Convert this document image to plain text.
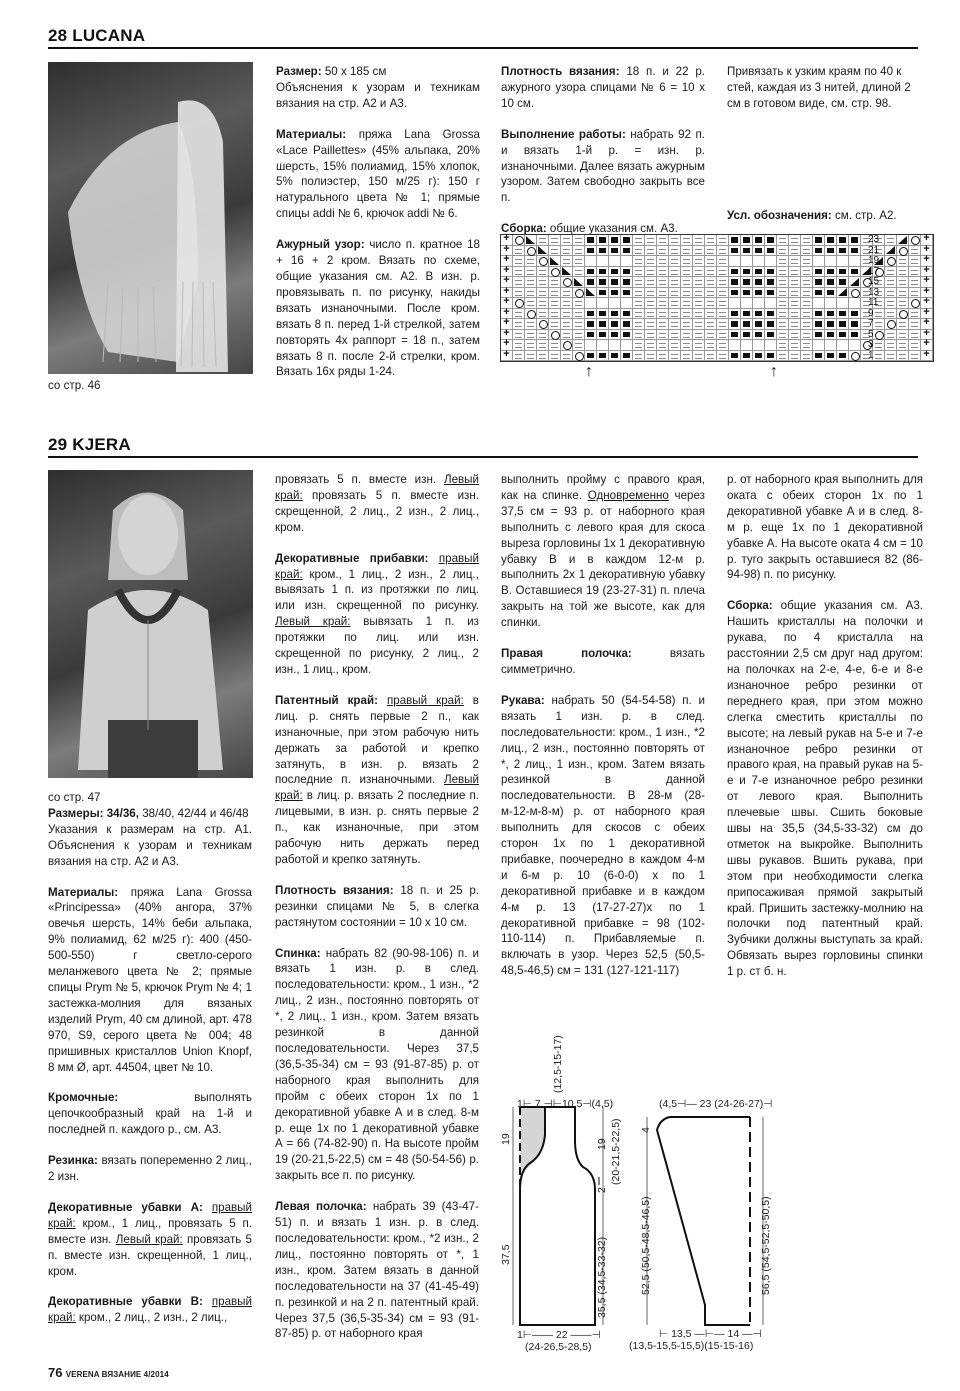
28 LUCANA
со стр. 46

Размер: 50 х 185 см

Объяснения к узорам и техникам вязания на стр. А2 и А3.

Материалы: пряжа Lana Grossa «Lace Paillettes» (45% альпака, 20% шерсть, 15% полиамид, 15% хлопок, 5% полиэстер, 150 м/25 г): 150 г натурального цвета № 1; прямые спицы addi № 6, крючок addi № 6.

Ажурный узор: число п. кратное 18 + 16 + 2 кром. Вязать по схеме, общие указания см. А2. В изн. р. провязывать п. по рисунку, накиды вязать изнаночными. После кром. вязать 8 п. перед 1-й стрелкой, затем повторять 4х раппорт = 18 п., затем вязать 8 п. после 2-й стрелки, кром. Вязать 16х ряды 1-24.

Плотность вязания: 18 п. и 22 р. ажурного узора спицами № 6 = 10 х 10 см.

Выполнение работы: набрать 92 п. и вязать 1-й р. = изн. р. изнаночными. Далее вязать ажурным узором. Затем свободно закрыть все п.

Сборка: общие указания см. А3.

Привязать к узким краям по 40 к стей, каждая из 3 нитей, длиной 2 см в готовом виде, см. стр. 98.

Усл. обозначения: см. стр. А2.
+
+
+
+
+
+
+
+
+
+
+
+
+
+
+
+
+
+
+
+
+
+
+
+
23
21
19
17
15
13
11
9
7
5
3
1
↑	↑
29 KJERA

со стр. 47

Размеры: 34/36, 38/40, 42/44 и 46/48

Указания к размерам на стр. А1. Объяснения к узорам и техникам вязания на стр. А2 и А3.

Материалы: пряжа Lana Grossa «Principessa» (40% ангора, 37% овечья шерсть, 14% беби альпака, 9% полиамид, 62 м/25 г): 400 (450-500-550) г светло-серого меланжевого цвета № 2; прямые спицы Prym № 5, крючок Prym № 4; 1 застежка-молния для вязаных изделий Prym, 40 см длиной, арт. 478 970, S9, серого цвета № 004; 48 пришивных кристаллов Union Knopf, 8 мм Ø, арт. 44504, цвет № 10.

Кромочные: выполнять цепочкообразный край на 1-й и последней п. каждого р., см. А3.

Резинка: вязать попеременно 2 лиц., 2 изн.

Декоративные убавки А: правый край: кром., 1 лиц., провязать 5 п. вместе изн. Левый край: провязать 5 п. вместе изн. скрещенной, 1 лиц., кром.

Декоративные убавки В: правый край: кром., 2 лиц., 2 изн., 2 лиц.,

провязать 5 п. вместе изн. Левый край: провязать 5 п. вместе изн. скрещенной, 2 лиц., 2 изн., 2 лиц., кром.

Декоративные прибавки: правый край: кром., 1 лиц., 2 изн., 2 лиц., вывязать 1 п. из протяжки по лиц. или изн. скрещенной по рисунку. Левый край: вывязать 1 п. из протяжки по лиц. или изн. скрещенной по рисунку, 2 лиц., 2 изн., 1 лиц., кром.

Патентный край: правый край: в лиц. р. снять первые 2 п., как изнаночные, при этом рабочую нить держать за работой и крепко затянуть, в изн. р. вязать 2 последние п. изнаночными. Левый край: в лиц. р. вязать 2 последние п. лицевыми, в изн. р. снять первые 2 п., как изнаночные, при этом рабочую нить держать перед работой и крепко затянуть.

Плотность вязания: 18 п. и 25 р. резинки спицами № 5, в слегка растянутом состоянии = 10 х 10 см.

Спинка: набрать 82 (90-98-106) п. и вязать 1 изн. р. в след. последовательности: кром., 1 изн., *2 лиц., 2 изн., постоянно повторять от *, 2 лиц., 1 изн., кром. Затем вязать резинкой в данной последовательности. Через 37,5 (36,5-35-34) см = 93 (91-87-85) р. от наборного края выполнить для пройм с обеих сторон 1х по 1 декоративной убавке А и в след. 8-м р. еще 1х по 1 декоративной убавке А = 66 (74-82-90) п. На высоте пройм 19 (20-21,5-22,5) см = 48 (50-54-56) р. закрыть все п. по рисунку.

Левая полочка: набрать 39 (43-47-51) п. и вязать 1 изн. р. в след. последовательности: кром., *2 изн., 2 лиц., постоянно повторять от *, 1 изн., кром. Затем вязать в данной последовательности на 37 (41-45-49) п. резинкой и на 2 п. патентный край. Через 37,5 (36,5-35-34) см = 93 (91-87-85) р. от наборного края

выполнить пройму с правого края, как на спинке. Одновременно через 37,5 см = 93 р. от наборного края выполнить с левого края для скоса выреза горловины 1х 1 декоративную убавку В и в каждом 12-м р. выполнить 2х 1 декоративную убавку В. Оставшиеся 19 (23-27-31) п. плеча закрыть на той же высоте, как для спинки.

Правая полочка: вязать симметрично.

Рукава: набрать 50 (54-54-58) п. и вязать 1 изн. р. в след. последовательности: кром., 1 изн., *2 лиц., 2 изн., постоянно повторять от *, 2 лиц., 1 изн., кром. Затем вязать резинкой в данной последовательности. В 28-м (28-м-12-м-8-м) р. от наборного края выполнить для скосов с обеих сторон 1х по 1 декоративной прибавке, поочередно в каждом 4-м и 6-м р. 10 (6-0-0) х по 1 декоративной прибавке и в каждом 4-м р. 13 (17-27-27)х по 1 декоративной прибавке = 98 (102-110-114) п. Прибавляемые п. включать в узор. Через 52,5 (50,5-48,5-46,5) см = 131 (127-121-117)

р. от наборного края выполнить для оката с обеих сторон 1х по 1 декоративной убавке А и в след. 8-м р. еще 1х по 1 декоративной убавке А. На высоте оката 4 см = 10 р. туго закрыть оставшиеся 82 (86-94-98) п. по рисунку.

Сборка: общие указания см. А3. Нашить кристаллы на полочки и рукава, по 4 кристалла на расстоянии 2,5 см друг над другом: на полочках на 2-е, 4-е, 6-е и 8-е изнаночное ребро резинки от переднего края, при этом можно слегка сместить кристаллы по высоте; на левый рукав на 5-е и 7-е изнаночное ребро резинки от правого края, на правый рукав на 5-е и 7-е изнаночное ребро резинки от левого края. Выполнить плечевые швы. Сшить боковые швы на 35,5 (34,5-33-32) см до отметок на выкройке. Выполнить швы рукавов. Вшить рукава, при этом при необходимости слегка припосаживая прямой закрытый край. Пришить застежку-молнию на полочки под патентный край. Зубчики должны выступать за край. Обвязать вырез горловины спинки 1 р. ст б. н.

(12,5-15-17)
1⊢ 7 ⊣⊢10,5⊣(4,5)
19
37,5
19 (20-21,5-22,5)
2
35,5 (34,5-33-32)
1⊢—— 22 ——⊣
(24-26,5-28,5)
(4,5⊣— 23 (24-26-27)⊣
4
52,5 (50,5-48,5-46,5)	56,5 (54,5-52,5-50,5)
⊢ 13,5 —⊢— 14 —⊣
(13,5-15,5-15,5)(15-15-16)
76 VERENA ВЯЗАНИЕ 4/2014
